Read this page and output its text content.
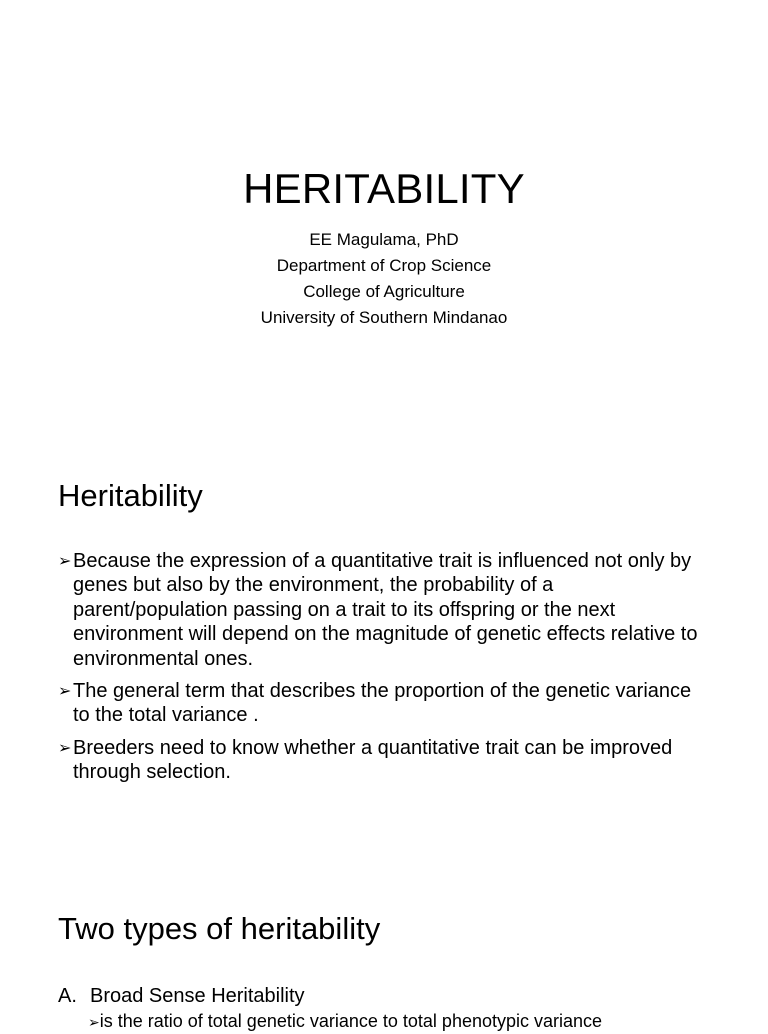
HERITABILITY
EE Magulama, PhD
Department of Crop Science
College of Agriculture
University of Southern Mindanao
Heritability
➢ Because the expression of a quantitative trait is influenced not only by genes but also by the environment, the probability of a parent/population passing on a trait to its offspring or the next environment will depend on the magnitude of genetic effects relative to environmental ones.
➢ The general term that describes the proportion of the genetic variance to the total variance .
➢ Breeders need to know whether a quantitative trait can be improved through selection.
Two types of heritability
A. Broad Sense Heritability
➢is the ratio of total genetic variance to total phenotypic variance
